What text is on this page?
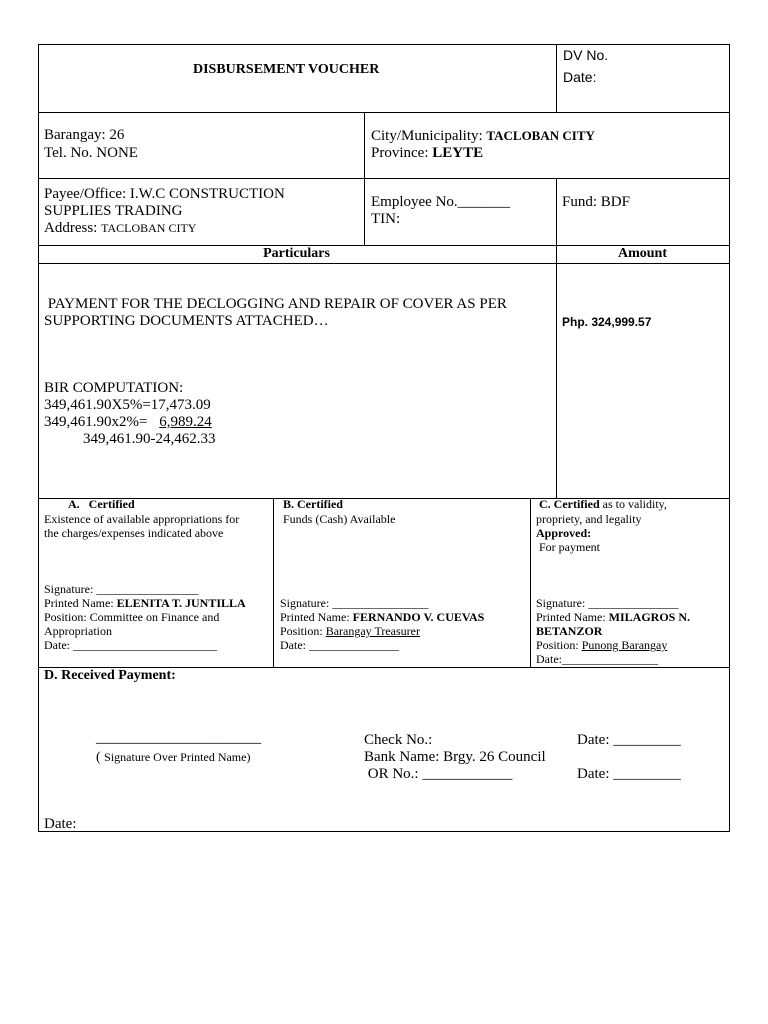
DISBURSEMENT VOUCHER
DV No.
Date:
Barangay: 26
Tel. No. NONE
City/Municipality: TACLOBAN CITY
Province: LEYTE
Payee/Office: I.W.C CONSTRUCTION
SUPPLIES TRADING
Address: TACLOBAN CITY
Employee No._______
TIN:
Fund: BDF
Particulars	Amount
PAYMENT FOR THE DECLOGGING AND REPAIR OF COVER AS PER
SUPPORTING DOCUMENTS ATTACHED…	Php. 324,999.57
BIR COMPUTATION:
349,461.90X5%=17,473.09
349,461.90x2%= 6,989.24
349,461.90-24,462.33
A.   Certified
Existence of available appropriations for
the charges/expenses indicated above
Signature: _________________
Printed Name: ELENITA T. JUNTILLA
Position: Committee on Finance and
Appropriation
Date: ________________________
B. Certified
Funds (Cash) Available
Signature: ________________
Printed Name: FERNANDO V. CUEVAS
Position: Barangay Treasurer
Date: _______________
C. Certified as to validity,
propriety, and legality
Approved:
For payment
Signature: _______________
Printed Name: MILAGROS N.
BETANZOR
Position: Punong Barangay
Date:________________
D. Received Payment:
______________________
( Signature Over Printed Name)
Check No.:
Bank Name: Brgy. 26 Council
OR No.: ____________
Date: _________
Date: _________
Date:
